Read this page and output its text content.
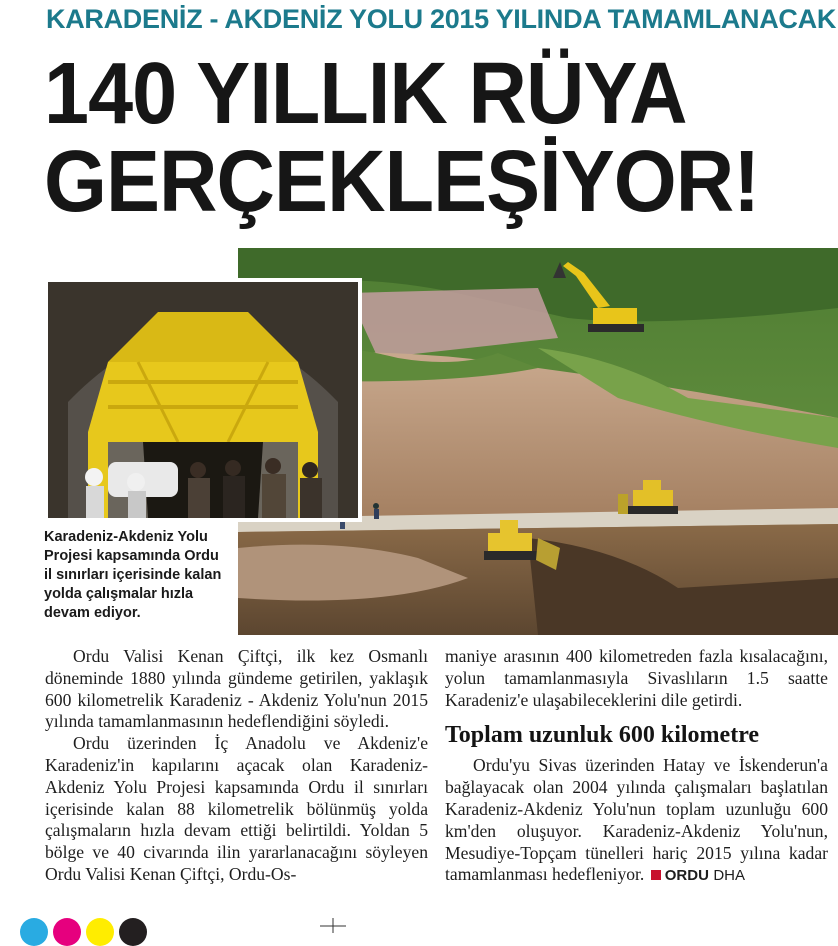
KARADENİZ - AKDENİZ YOLU 2015 YILINDA TAMAMLANACAK
140 YILLIK RÜYA
GERÇEKLEŞİYOR!
Karadeniz-Akdeniz Yolu Projesi kapsamında Ordu il sınırları içerisinde kalan yolda çalışmalar hızla devam ediyor.

Ordu Valisi Kenan Çiftçi, ilk kez Osmanlı döneminde 1880 yılında gündeme getirilen, yaklaşık 600 kilometrelik Karadeniz - Akdeniz Yolu'nun 2015 yılında tamamlanmasının hedeflendiğini söyledi.

Ordu üzerinden İç Anadolu ve Akdeniz'e Karadeniz'in kapılarını açacak olan Karadeniz-Akdeniz Yolu Projesi kapsamında Ordu il sınırları içerisinde kalan 88 kilometrelik bölünmüş yolda çalışmaların hızla devam ettiği belirtildi. Yoldan 5 bölge ve 40 civarında ilin yararlanacağını söyleyen Ordu Valisi Kenan Çiftçi, Ordu-Os-

maniye arasının 400 kilometreden fazla kısalacağını, yolun tamamlanmasıyla Sivaslıların 1.5 saatte Karadeniz'e ulaşabileceklerini dile getirdi.

Toplam uzunluk 600 kilometre

Ordu'yu Sivas üzerinden Hatay ve İskenderun'a bağlayacak olan 2004 yılında çalışmaları başlatılan Karadeniz-Akdeniz Yolu'nun toplam uzunluğu 600 km'den oluşuyor. Karadeniz-Akdeniz Yolu'nun, Mesudiye-Topçam tünelleri hariç 2015 yılına kadar tamamlanması hedefleniyor. ORDU DHA
